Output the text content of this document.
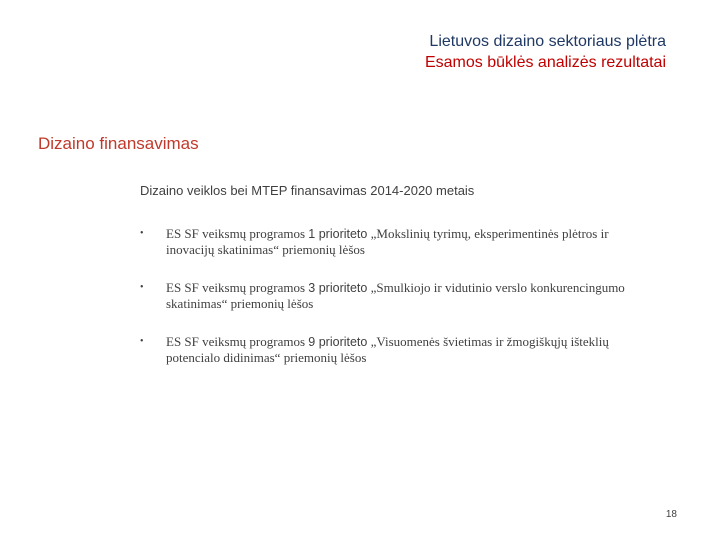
Lietuvos dizaino sektoriaus plėtra
Esamos būklės analizės rezultatai
Dizaino finansavimas
Dizaino veiklos bei MTEP finansavimas 2014-2020 metais
• ES SF veiksmų programos 1 prioriteto „Mokslinių tyrimų, eksperimentinės plėtros ir inovacijų skatinimas“ priemonių lėšos
• ES SF veiksmų programos 3 prioriteto „Smulkiojo ir vidutinio verslo konkurencingumo skatinimas“ priemonių lėšos
• ES SF veiksmų programos 9 prioriteto „Visuomenės švietimas ir žmogiškųjų išteklių potencialo didinimas“ priemonių lėšos
18
